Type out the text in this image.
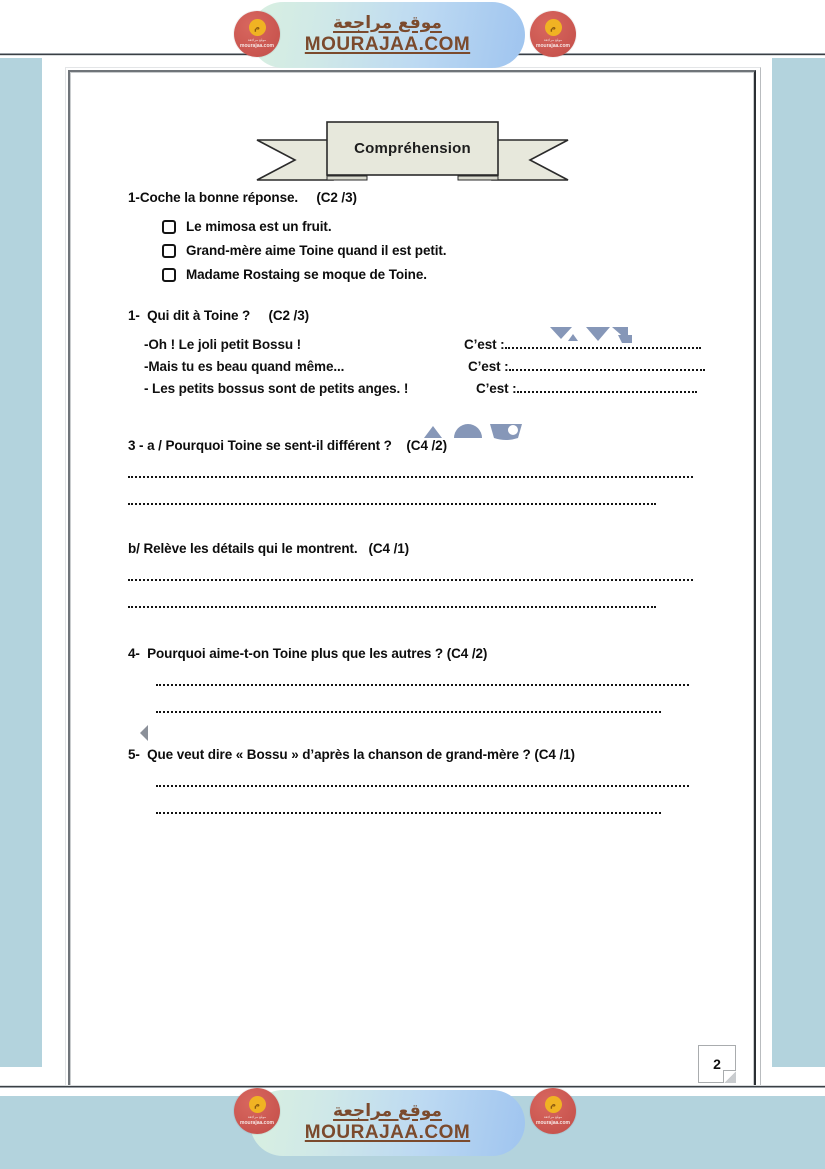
موقع مراجعة
MOURAJAA.COM
م
موقع مراجعة
mourajaa.com
م
موقع مراجعة
mourajaa.com
Compréhension
1-Coche la bonne réponse. (C2 /3)
Le mimosa est un fruit.
Grand-mère aime Toine quand il est petit.
Madame Rostaing se moque de Toine.
1- Qui dit à Toine ? (C2 /3)
-Oh ! Le joli petit Bossu !	C’est :
-Mais tu es beau quand même...	C’est :
- Les petits bossus sont de petits anges. !	C’est :
3 - a / Pourquoi Toine se sent-il différent ? (C4 /2)
b/ Relève les détails qui le montrent. (C4 /1)
4- Pourquoi aime-t-on Toine plus que les autres ? (C4 /2)
5- Que veut dire « Bossu » d’après la chanson de grand-mère ? (C4 /1)
2
موقع مراجعة
MOURAJAA.COM
م
موقع مراجعة
mourajaa.com
م
موقع مراجعة
mourajaa.com
